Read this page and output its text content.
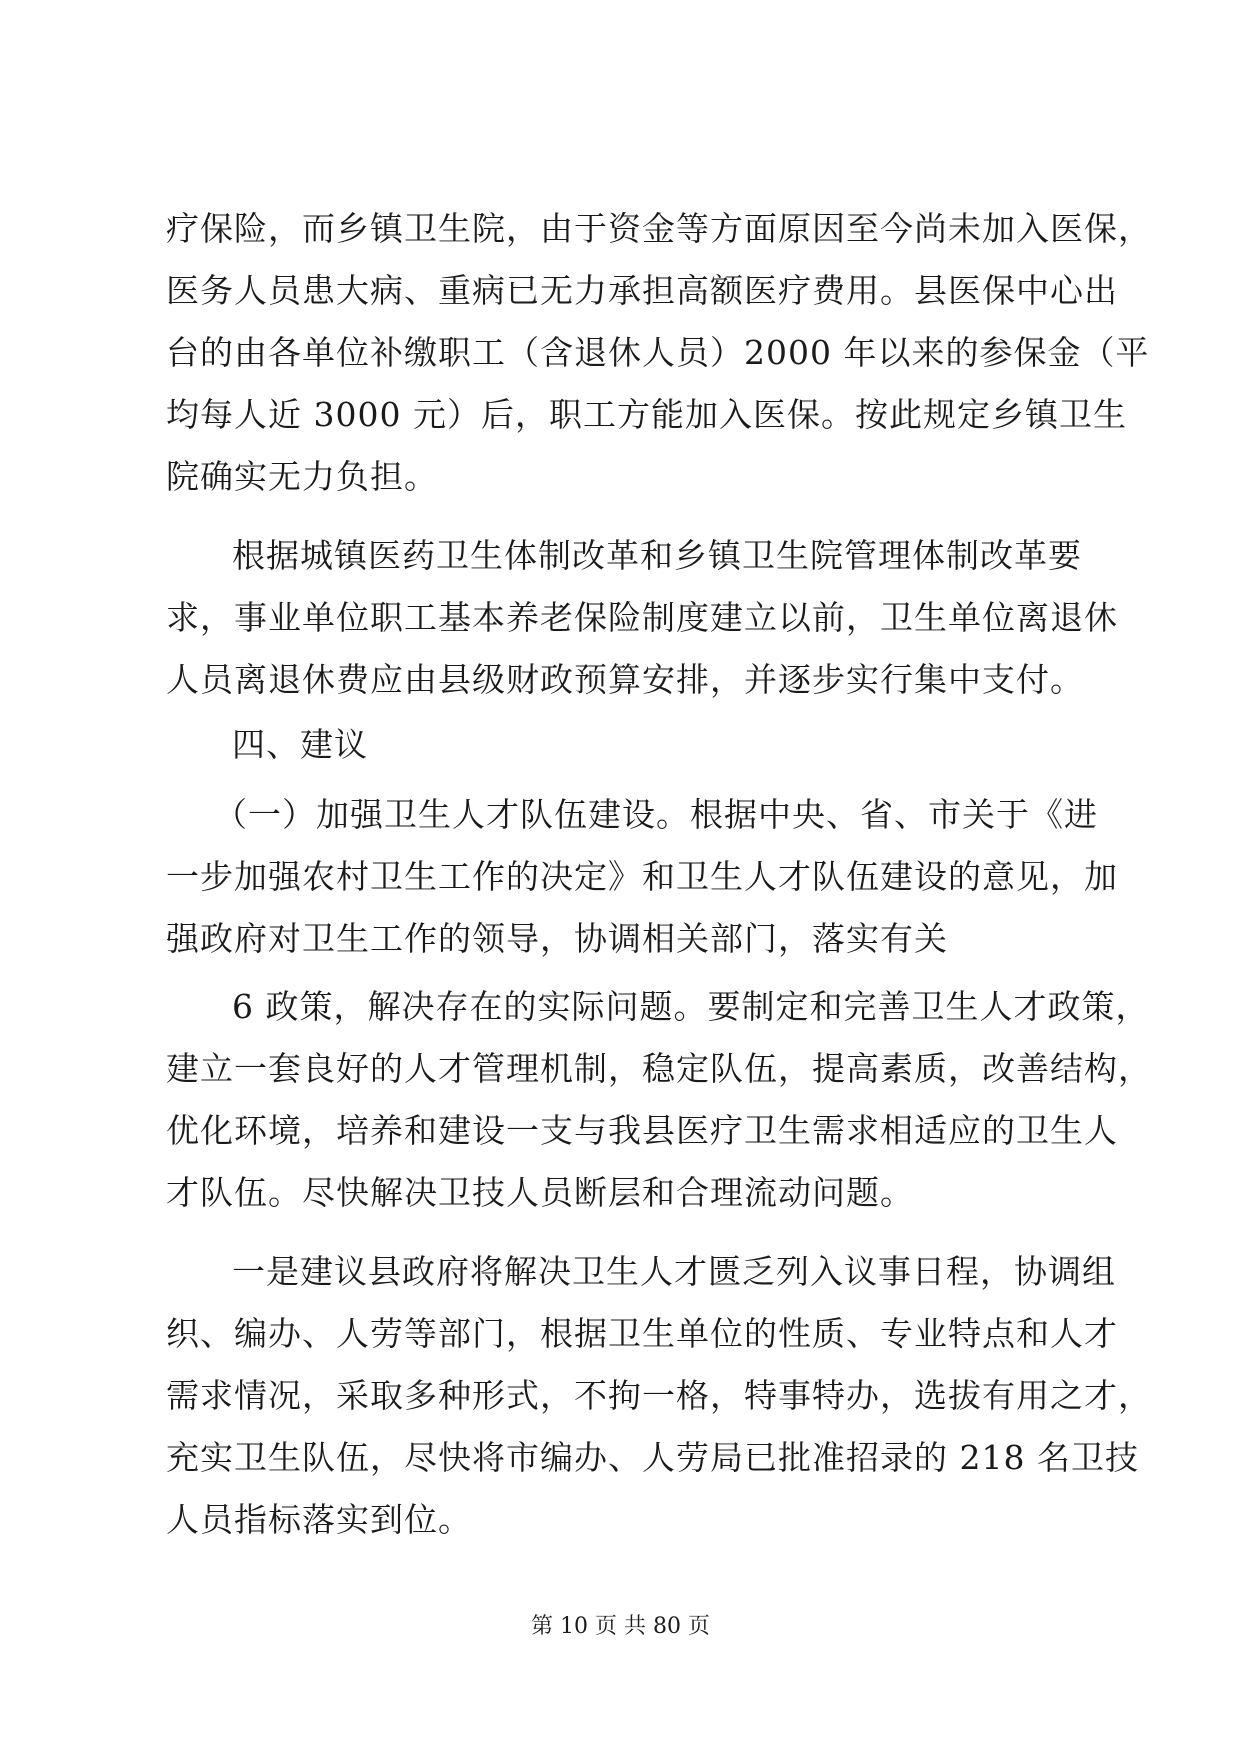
疗保险，而乡镇卫生院，由于资金等方面原因至今尚未加入医保，
医务人员患大病、重病已无力承担高额医疗费用。县医保中心出
台的由各单位补缴职工（含退休人员）2000 年以来的参保金（平
均每人近 3000 元）后，职工方能加入医保。按此规定乡镇卫生
院确实无力负担。
根据城镇医药卫生体制改革和乡镇卫生院管理体制改革要
求，事业单位职工基本养老保险制度建立以前，卫生单位离退休
人员离退休费应由县级财政预算安排，并逐步实行集中支付。
四、建议
（一）加强卫生人才队伍建设。根据中央、省、市关于《进
一步加强农村卫生工作的决定》和卫生人才队伍建设的意见，加
强政府对卫生工作的领导，协调相关部门，落实有关
6 政策，解决存在的实际问题。要制定和完善卫生人才政策，
建立一套良好的人才管理机制，稳定队伍，提高素质，改善结构，
优化环境，培养和建设一支与我县医疗卫生需求相适应的卫生人
才队伍。尽快解决卫技人员断层和合理流动问题。
一是建议县政府将解决卫生人才匮乏列入议事日程，协调组
织、编办、人劳等部门，根据卫生单位的性质、专业特点和人才
需求情况，采取多种形式，不拘一格，特事特办，选拔有用之才，
充实卫生队伍，尽快将市编办、人劳局已批准招录的 218 名卫技
人员指标落实到位。
第 10 页 共 80 页
